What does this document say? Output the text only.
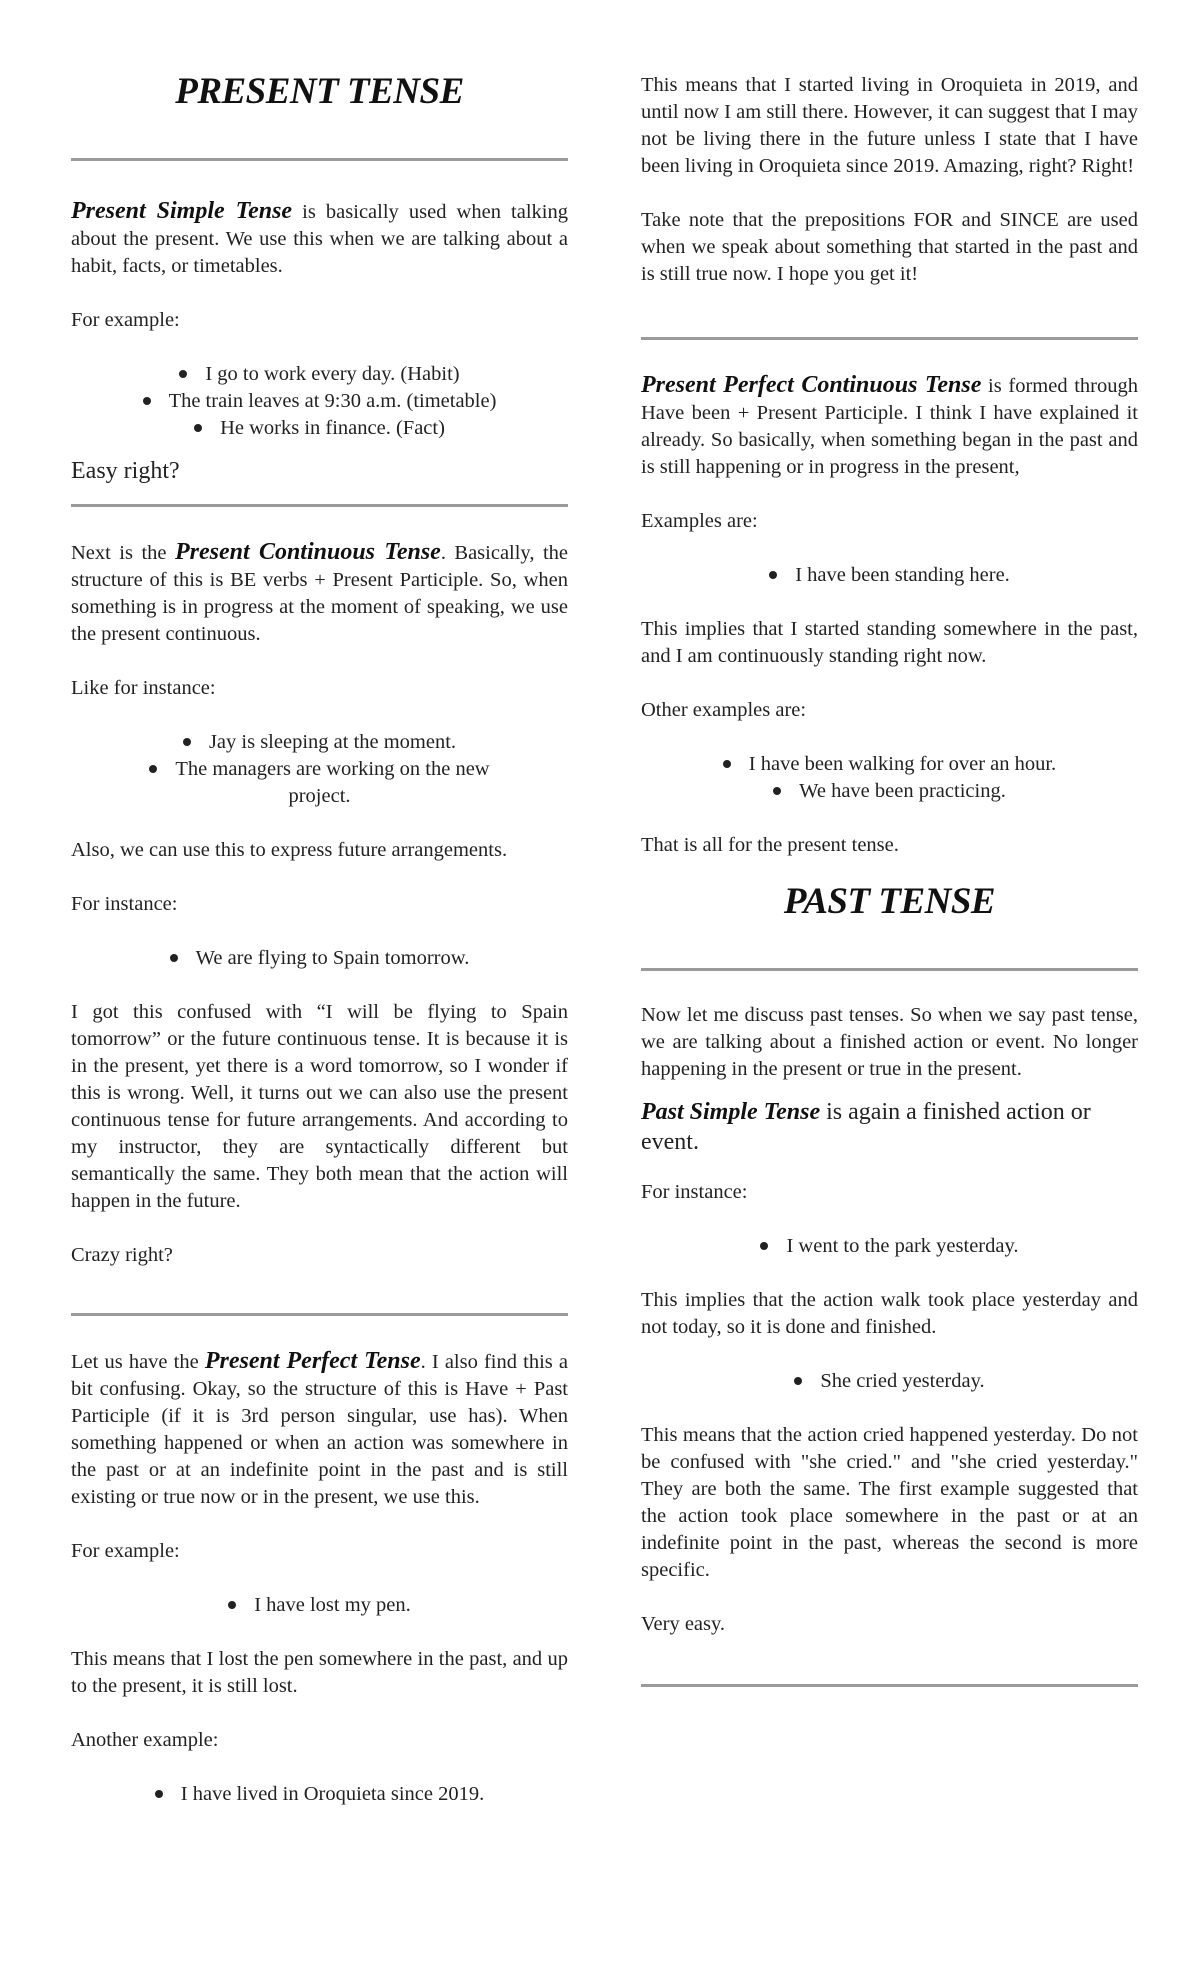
PRESENT TENSE

Present Simple Tense is basically used when talking about the present. We use this when we are talking about a habit, facts, or timetables.

For example:

I go to work every day. (Habit)
The train leaves at 9:30 a.m. (timetable)
He works in finance. (Fact)

Easy right?

Next is the Present Continuous Tense. Basically, the structure of this is BE verbs + Present Participle. So, when something is in progress at the moment of speaking, we use the present continuous.

Like for instance:

Jay is sleeping at the moment.
The managers are working on the new
project.

Also, we can use this to express future arrangements.

For instance:

We are flying to Spain tomorrow.

I got this confused with “I will be flying to Spain tomorrow” or the future continuous tense. It is because it is in the present, yet there is a word tomorrow, so I wonder if this is wrong. Well, it turns out we can also use the present continuous tense for future arrangements. And according to my instructor, they are syntactically different but semantically the same. They both mean that the action will happen in the future.

Crazy right?

Let us have the Present Perfect Tense. I also find this a bit confusing. Okay, so the structure of this is Have + Past Participle (if it is 3rd person singular, use has). When something happened or when an action was somewhere in the past or at an indefinite point in the past and is still existing or true now or in the present, we use this.

For example:

I have lost my pen.

This means that I lost the pen somewhere in the past, and up to the present, it is still lost.

Another example:

I have lived in Oroquieta since 2019.

This means that I started living in Oroquieta in 2019, and until now I am still there. However, it can suggest that I may not be living there in the future unless I state that I have been living in Oroquieta since 2019. Amazing, right? Right!

Take note that the prepositions FOR and SINCE are used when we speak about something that started in the past and is still true now. I hope you get it!

Present Perfect Continuous Tense is formed through Have been + Present Participle. I think I have explained it already. So basically, when something began in the past and is still happening or in progress in the present,

Examples are:

I have been standing here.

This implies that I started standing somewhere in the past, and I am continuously standing right now.

Other examples are:

I have been walking for over an hour.
We have been practicing.

That is all for the present tense.

PAST TENSE

Now let me discuss past tenses. So when we say past tense, we are talking about a finished action or event. No longer happening in the present or true in the present.

Past Simple Tense is again a finished action or event.

For instance:

I went to the park yesterday.

This implies that the action walk took place yesterday and not today, so it is done and finished.

She cried yesterday.

This means that the action cried happened yesterday. Do not be confused with "she cried." and "she cried yesterday." They are both the same. The first example suggested that the action took place somewhere in the past or at an indefinite point in the past, whereas the second is more specific.

Very easy.
